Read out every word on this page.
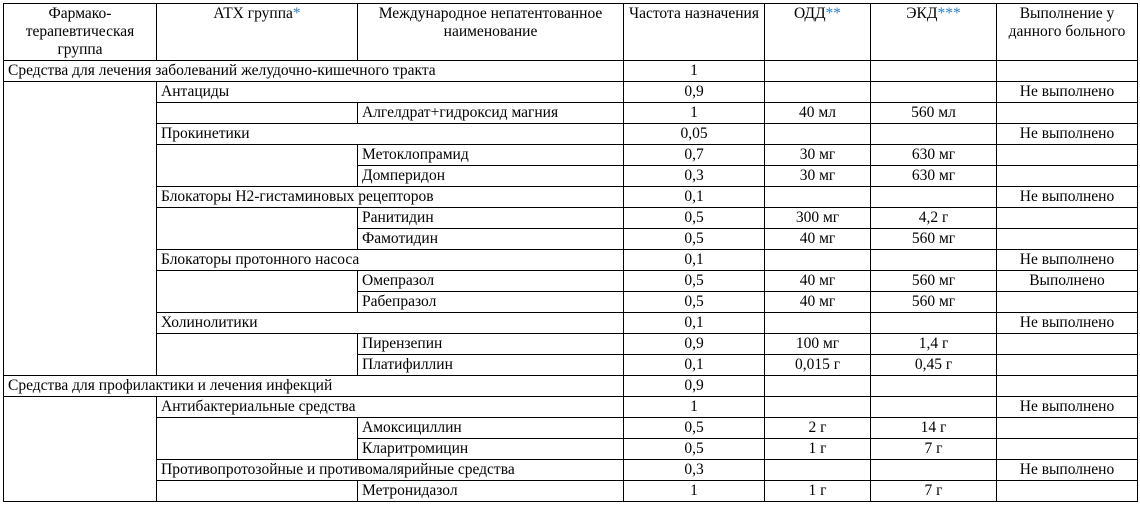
Фармако-терапевтическая группа	АТХ группа*	Международное непатентованное наименование	Частота назначения	ОДД**	ЭКД***	Выполнение у данного больного
Средства для лечения заболеваний желудочно-кишечного тракта			1			
	Антациды		0,9			Не выполнено
		Алгелдрат+гидроксид магния	1	40 мл	560 мл	
	Прокинетики		0,05			Не выполнено
		Метоклопрамид	0,7	30 мг	630 мг	
		Домперидон	0,3	30 мг	630 мг	
	Блокаторы Н2-гистаминовых рецепторов		0,1			Не выполнено
		Ранитидин	0,5	300 мг	4,2 г	
		Фамотидин	0,5	40 мг	560 мг	
	Блокаторы протонного насоса		0,1			Не выполнено
		Омепразол	0,5	40 мг	560 мг	Выполнено
		Рабепразол	0,5	40 мг	560 мг	
	Холинолитики		0,1			Не выполнено
		Пирензепин	0,9	100 мг	1,4 г	
		Платифиллин	0,1	0,015 г	0,45 г	
Средства для профилактики и лечения инфекций			0,9			
	Антибактериальные средства		1			Не выполнено
		Амоксициллин	0,5	2 г	14 г	
		Кларитромицин	0,5	1 г	7 г	
	Противопротозойные и противомалярийные средства		0,3			Не выполнено
		Метронидазол	1	1 г	7 г	
